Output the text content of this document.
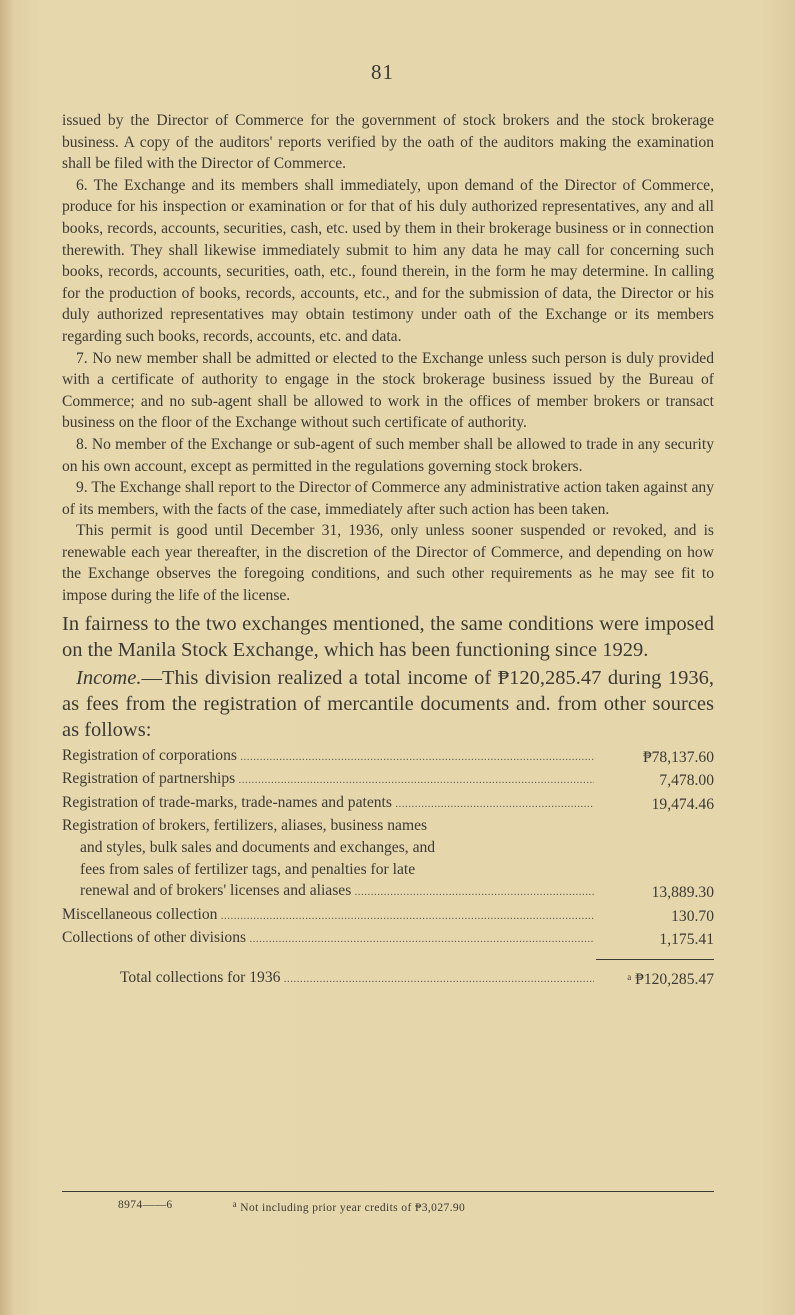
81

issued by the Director of Commerce for the government of stock brokers and the stock brokerage business. A copy of the auditors' reports verified by the oath of the auditors making the examination shall be filed with the Director of Commerce.

6. The Exchange and its members shall immediately, upon demand of the Director of Commerce, produce for his inspection or examination or for that of his duly authorized representatives, any and all books, records, accounts, securities, cash, etc. used by them in their brokerage business or in connection therewith. They shall likewise immediately submit to him any data he may call for concerning such books, records, accounts, securities, oath, etc., found therein, in the form he may determine. In calling for the production of books, records, accounts, etc., and for the submission of data, the Director or his duly authorized representatives may obtain testimony under oath of the Exchange or its members regarding such books, records, accounts, etc. and data.

7. No new member shall be admitted or elected to the Exchange unless such person is duly provided with a certificate of authority to engage in the stock brokerage business issued by the Bureau of Commerce; and no sub-agent shall be allowed to work in the offices of member brokers or transact business on the floor of the Exchange without such certificate of authority.

8. No member of the Exchange or sub-agent of such member shall be allowed to trade in any security on his own account, except as permitted in the regulations governing stock brokers.

9. The Exchange shall report to the Director of Commerce any administrative action taken against any of its members, with the facts of the case, immediately after such action has been taken.

This permit is good until December 31, 1936, only unless sooner suspended or revoked, and is renewable each year thereafter, in the discretion of the Director of Commerce, and depending on how the Exchange observes the foregoing conditions, and such other requirements as he may see fit to impose during the life of the license.

In fairness to the two exchanges mentioned, the same conditions were imposed on the Manila Stock Exchange, which has been functioning since 1929.

Income.—This division realized a total income of ₱120,285.47 during 1936, as fees from the registration of mercantile documents and. from other sources as follows:

Registration of corporations .....	₱78,137.60
Registration of partnerships .....	7,478.00
Registration of trade-marks, trade-names and patents .....	19,474.46
Registration of brokers, fertilizers, aliases, business names
and styles, bulk sales and documents and exchanges, and
fees from sales of fertilizer tags, and penalties for late
renewal and of brokers' licenses and aliases .....	13,889.30
Miscellaneous collection .....	130.70
Collections of other divisions .....	1,175.41
Total collections for 1936 .....	$^a$ ₱120,285.47
8974——6	$^a$ Not including prior year credits of ₱3,027.90
